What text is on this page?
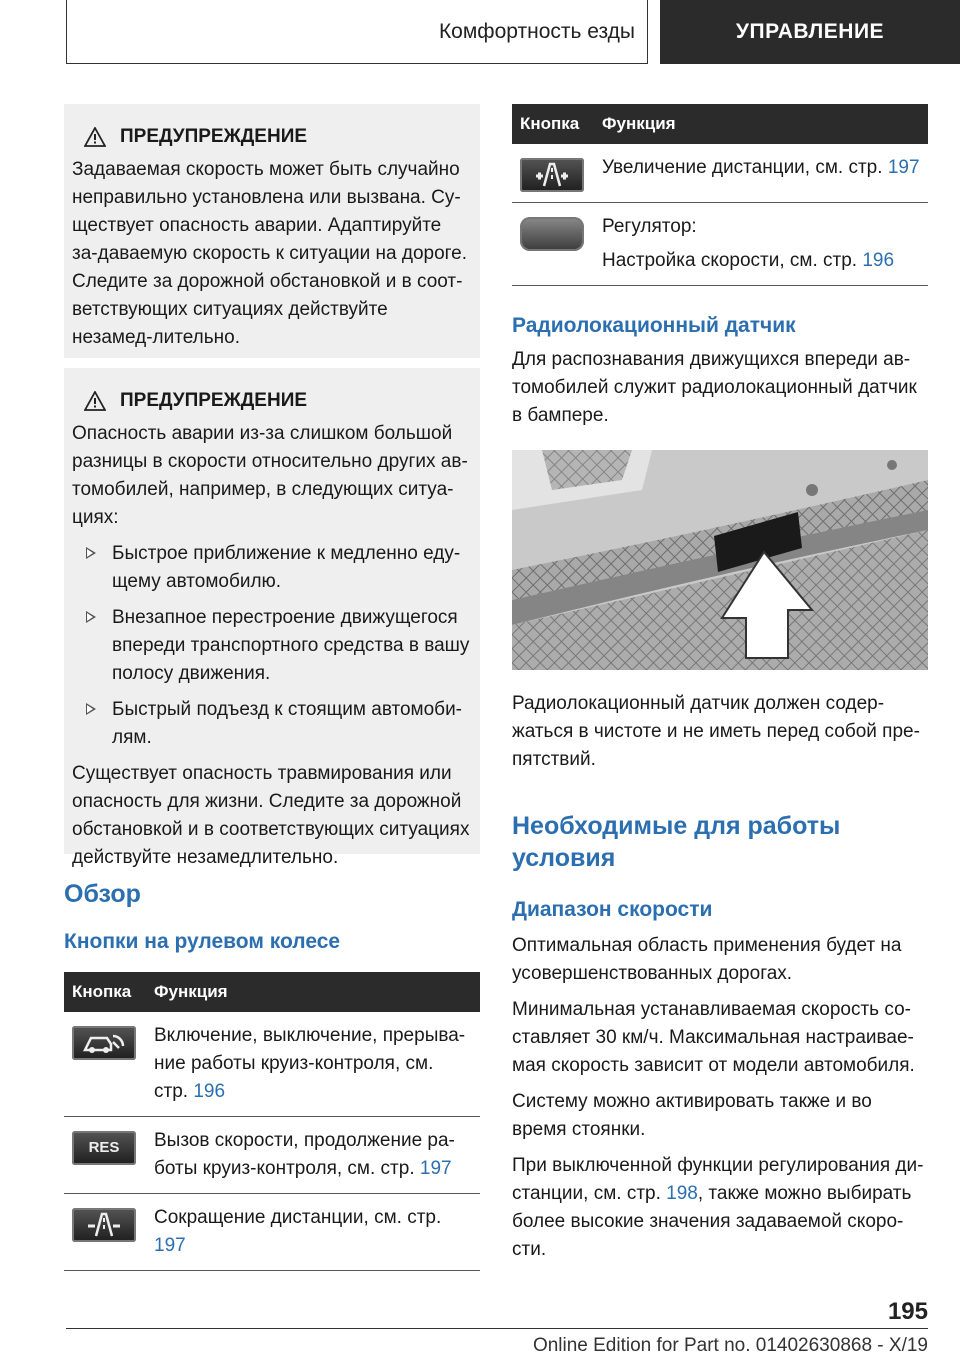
Комфортность езды	УПРАВЛЕНИЕ
ПРЕДУПРЕЖДЕНИЕ

Задаваемая скорость может быть случайно неправильно установлена или вызвана. Су-ществует опасность аварии. Адаптируйте за-даваемую скорость к ситуации на дороге. Следите за дорожной обстановкой и в соот-ветствующих ситуациях действуйте незамед-лительно.

ПРЕДУПРЕЖДЕНИЕ

Опасность аварии из-за слишком большой разницы в скорости относительно других ав-томобилей, например, в следующих ситуа-циях:

Быстрое приближение к медленно еду-щему автомобилю.
Внезапное перестроение движущегося впереди транспортного средства в вашу полосу движения.
Быстрый подъезд к стоящим автомоби-лям.

Существует опасность травмирования или опасность для жизни. Следите за дорожной обстановкой и в соответствующих ситуациях действуйте незамедлительно.

Обзор
Кнопки на рулевом колесе
Кнопка	Функция

	Включение, выключение, прерыва-ние работы круиз-контроля, см. стр. 196

RES	Вызов скорости, продолжение ра-боты круиз-контроля, см. стр. 197

	Сокращение дистанции, см. стр. 197
Кнопка	Функция

	Увеличение дистанции, см. стр. 197

	Регулятор:
Настройка скорости, см. стр. 196
Радиолокационный датчик

Для распознавания движущихся впереди ав-томобилей служит радиолокационный датчик в бампере.

Радиолокационный датчик должен содер-жаться в чистоте и не иметь перед собой пре-пятствий.

Необходимые для работы условия
Диапазон скорости

Оптимальная область применения будет на усовершенствованных дорогах.

Минимальная устанавливаемая скорость со-ставляет 30 км/ч. Максимальная настраивае-мая скорость зависит от модели автомобиля.

Систему можно активировать также и во время стоянки.

При выключенной функции регулирования ди-станции, см. стр. 198, также можно выбирать более высокие значения задаваемой скоро-сти.

195
Online Edition for Part no. 01402630868 - X/19
